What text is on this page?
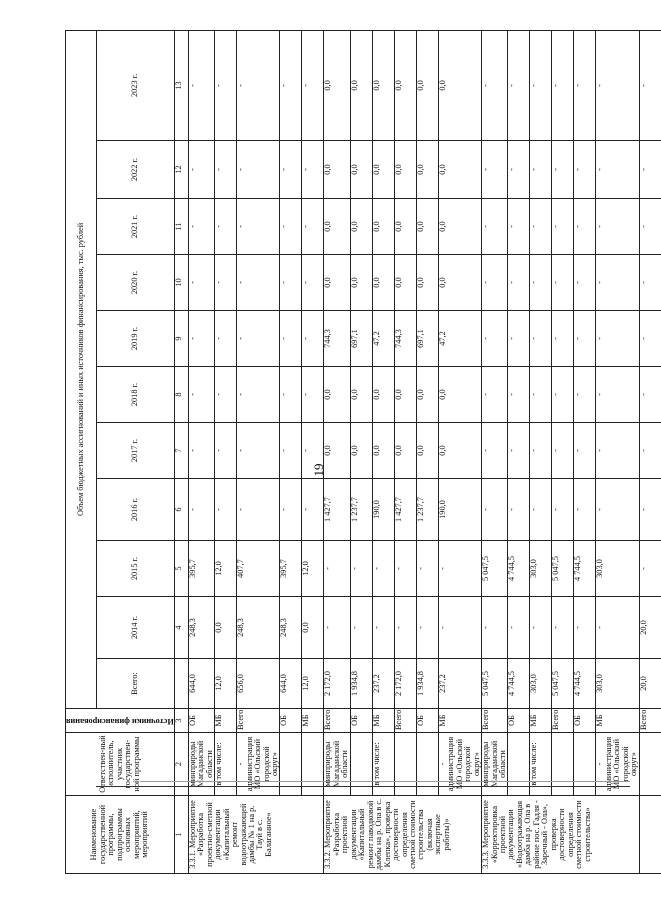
19
Наименование государственной программы, подпрограммы основных мероприятий, мероприятий	Ответствен-ный исполнитель, участник государствен-ной программы	Источники финансирования	Объем бюджетных ассигнований и иных источников финансирования, тыс. рублей										
			Всего:	2014 г.	2015 г.	2016 г.	2017 г.	2018 г.	2019 г.	2020 г.	2021 г.	2022 г.	2023 г.
1	2	3		4	5	6	7	8	9	10	11	12	13
3.3.1. Мероприятие «Разработка проектно-сметной документации «Капитальный ремонт водоотражающей дамбы № 1 на р. Тауй в с. Балаганное»	минприроды Магаданской области	ОБ	644,0	248,3	395,7	-	-	-	-	-	-	-	-
	в том числе:	МБ	12,0	0,0	12,0	-	-	-	-	-	-	-	-
	- администрация МО «Ольский городской округ»	Всего	656,0	248,3	407,7	-	-	-	-	-	-	-	-
		ОБ	644,0	248,3	395,7	-	-	-	-	-	-	-	-
		МБ	12,0	0,0	12,0	-	-	-	-	-	-	-	-
3.3.2. Мероприятие «Разработка проектной документации «Капитальный ремонт паводковой дамбы на р. Ола в с. Клепка», проверка достоверности определения сметной стоимости строительства (включая экспертные работы)»	минприроды Магаданской области	Всего	2 172,0	-	-	1 427,7	0,0	0,0	744,3	0,0	0,0	0,0	0,0
		ОБ	1 934,8	-	-	1 237,7	0,0	0,0	697,1	0,0	0,0	0,0	0,0
	в том числе:	МБ	237,2	-	-	190,0	0,0	0,0	47,2	0,0	0,0	0,0	0,0
		Всего	2 172,0	-	-	1 427,7	0,0	0,0	744,3	0,0	0,0	0,0	0,0
		ОБ	1 934,8	-	-	1 237,7	0,0	0,0	697,1	0,0	0,0	0,0	0,0
	- администрация МО «Ольский городской округ»	МБ	237,2	-	-	190,0	0,0	0,0	47,2	0,0	0,0	0,0	0,0
3.3.3. Мероприятие «Корректировка проектной документации «Водоотражающая дамба на р. Ола в районе пос. Гадля - Заречный - Ола», проверка достоверности определения сметной стоимости строительства»	минприроды Магаданской области	Всего	5 047,5	-	5 047,5	-	-	-	-	-	-	-	-
		ОБ	4 744,5	-	4 744,5	-	-	-	-	-	-	-	-
	в том числе:	МБ	303,0	-	303,0	-	-	-	-	-	-	-	-
		Всего	5 047,5	-	5 047,5	-	-	-	-	-	-	-	-
		ОБ	4 744,5	-	4 744,5	-	-	-	-	-	-	-	-
	- администрация МО «Ольский городской округ»	МБ	303,0	-	303,0	-	-	-	-	-	-	-	-
		Всего	20,0	20,0	-	-	-	-	-	-	-	-	-
